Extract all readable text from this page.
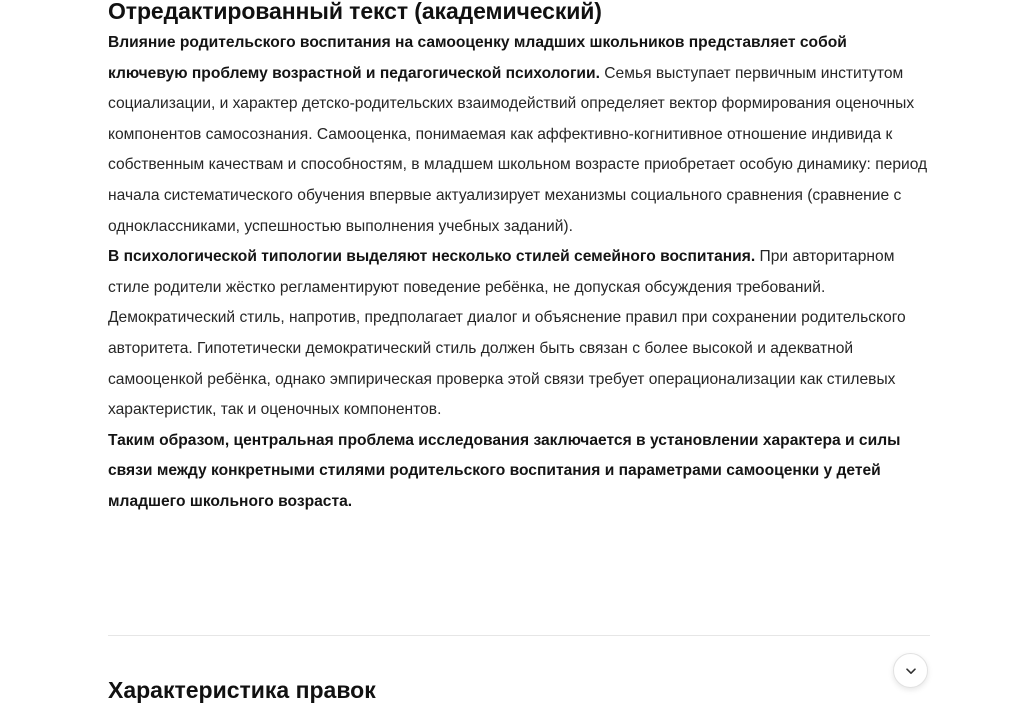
Отредактированный текст (академический)

Влияние родительского воспитания на самооценку младших школьников представляет собой ключевую проблему возрастной и педагогической психологии. Семья выступает первичным институтом социализации, и характер детско-родительских взаимодействий определяет вектор формирования оценочных компонентов самосознания. Самооценка, понимаемая как аффективно-когнитивное отношение индивида к собственным качествам и способностям, в младшем школьном возрасте приобретает особую динамику: период начала систематического обучения впервые актуализирует механизмы социального сравнения (сравнение с одноклассниками, успешностью выполнения учебных заданий).

В психологической типологии выделяют несколько стилей семейного воспитания. При авторитарном стиле родители жёстко регламентируют поведение ребёнка, не допуская обсуждения требований. Демократический стиль, напротив, предполагает диалог и объяснение правил при сохранении родительского авторитета. Гипотетически демократический стиль должен быть связан с более высокой и адекватной самооценкой ребёнка, однако эмпирическая проверка этой связи требует операционализации как стилевых характеристик, так и оценочных компонентов.

Таким образом, центральная проблема исследования заключается в установлении характера и силы связи между конкретными стилями родительского воспитания и параметрами самооценки у детей младшего школьного возраста.

Характеристика правок
